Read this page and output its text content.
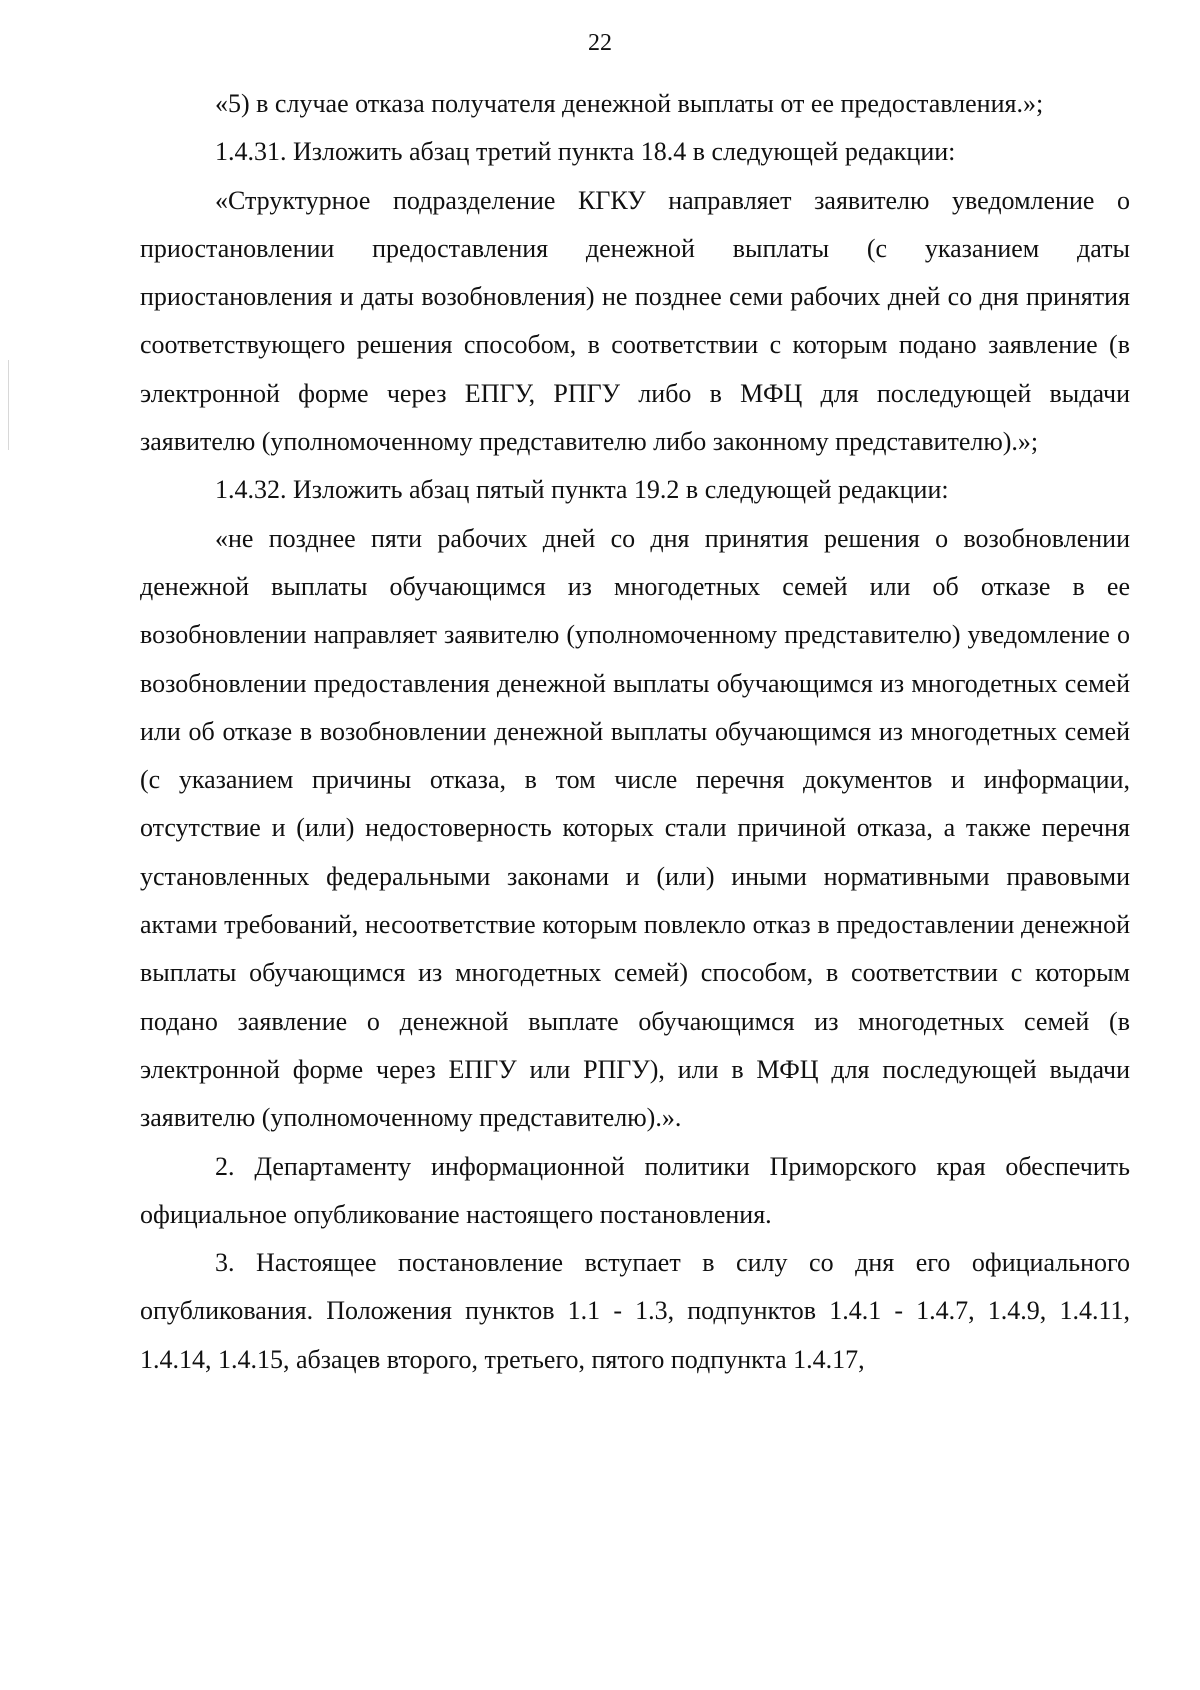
22

«5) в случае отказа получателя денежной выплаты от ее предоставления.»;

1.4.31. Изложить абзац третий пункта 18.4 в следующей редакции:

«Структурное подразделение КГКУ направляет заявителю уведомление о приостановлении предоставления денежной выплаты (с указанием даты приостановления и даты возобновления) не позднее семи рабочих дней со дня принятия соответствующего решения способом, в соответствии с которым подано заявление (в электронной форме через ЕПГУ, РПГУ либо в МФЦ для последующей выдачи заявителю (уполномоченному представителю либо законному представителю).»;

1.4.32. Изложить абзац пятый пункта 19.2 в следующей редакции:

«не позднее пяти рабочих дней со дня принятия решения о возобновлении денежной выплаты обучающимся из многодетных семей или об отказе в ее возобновлении направляет заявителю (уполномоченному представителю) уведомление о возобновлении предоставления денежной выплаты обучающимся из многодетных семей или об отказе в возобновлении денежной выплаты обучающимся из многодетных семей (с указанием причины отказа, в том числе перечня документов и информации, отсутствие и (или) недостоверность которых стали причиной отказа, а также перечня установленных федеральными законами и (или) иными нормативными правовыми актами требований, несоответствие которым повлекло отказ в предоставлении денежной выплаты обучающимся из многодетных семей) способом, в соответствии с которым подано заявление о денежной выплате обучающимся из многодетных семей (в электронной форме через ЕПГУ или РПГУ), или в МФЦ для последующей выдачи заявителю (уполномоченному представителю).».

2. Департаменту информационной политики Приморского края обеспечить официальное опубликование настоящего постановления.

3. Настоящее постановление вступает в силу со дня его официального опубликования. Положения пунктов 1.1 - 1.3, подпунктов 1.4.1 - 1.4.7, 1.4.9, 1.4.11, 1.4.14, 1.4.15, абзацев второго, третьего, пятого подпункта 1.4.17,
